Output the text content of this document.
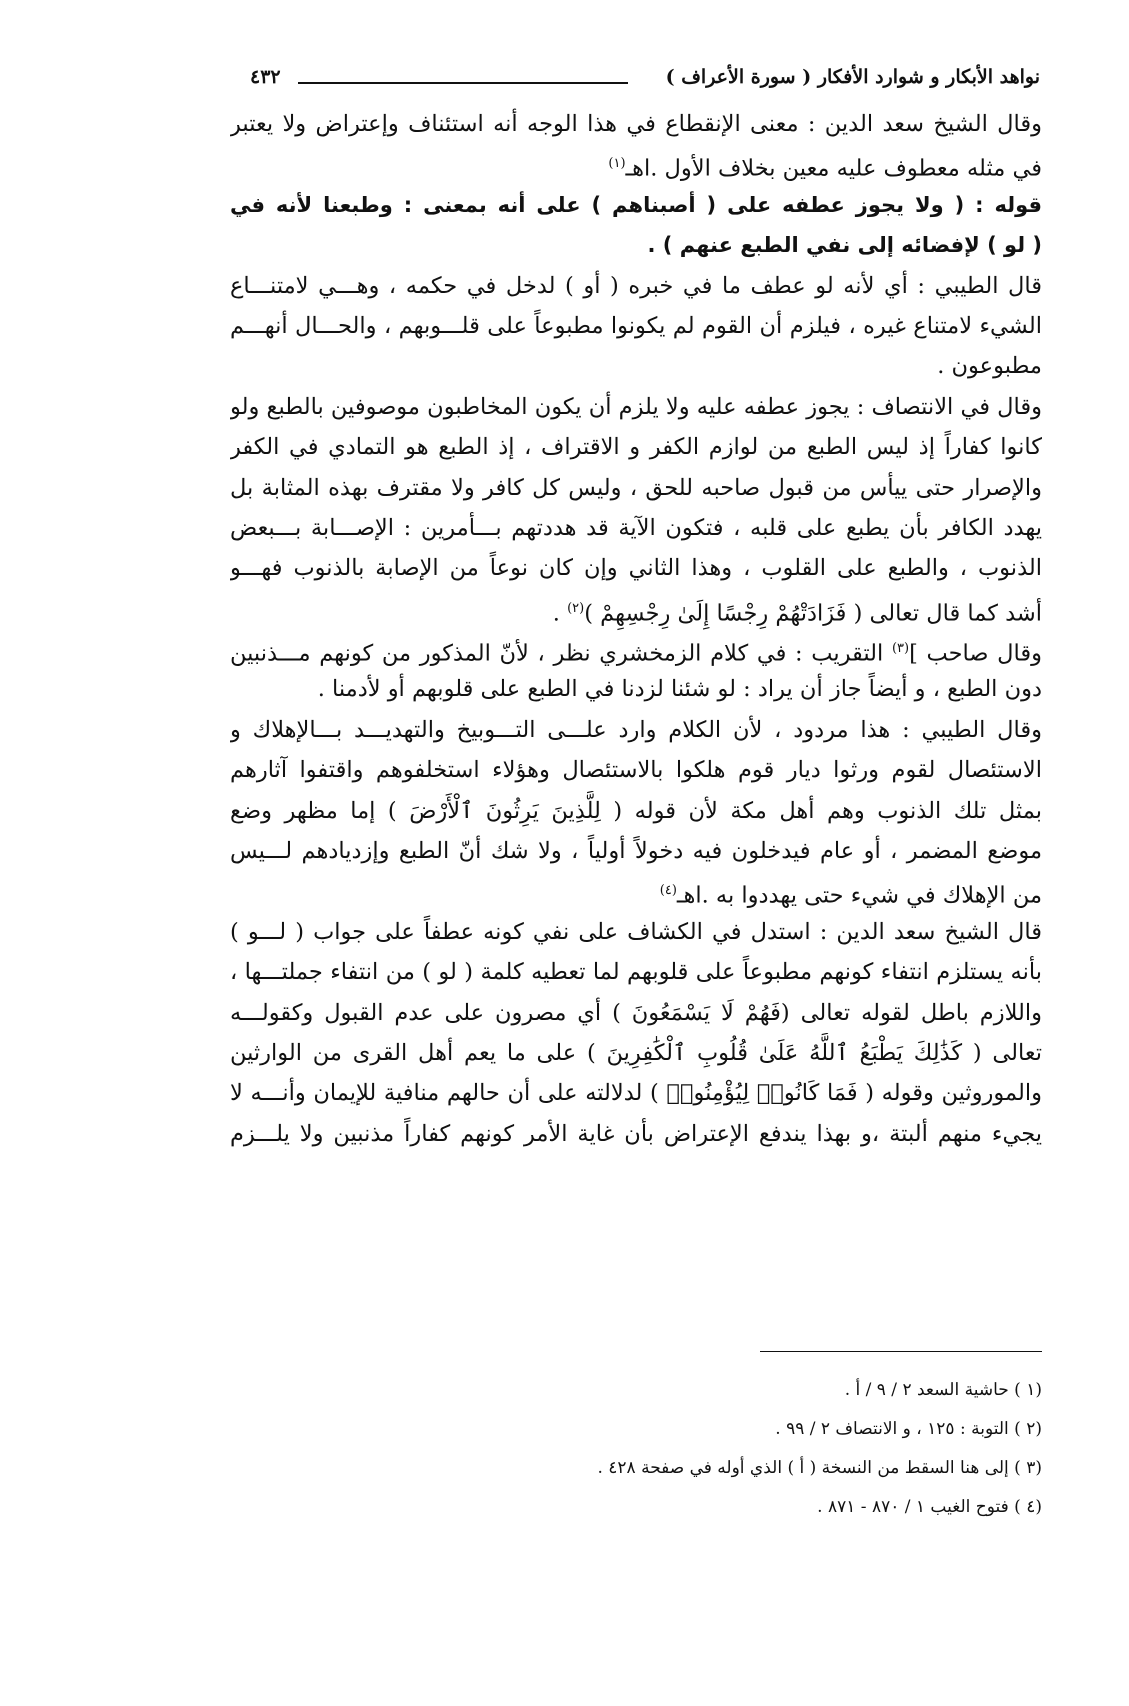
نواهد الأبكار و شوارد الأفكار ( سورة الأعراف )
٤٣٢
وقال الشيخ سعد الدين : معنى الإنقطاع في هذا الوجه أنه استئناف وإعتراض ولا يعتبر
في مثله معطوف عليه معين بخلاف الأول .اهـ$^{(١)}$
قوله : ( ولا يجوز عطفه على ( أصبناهم ) على أنه بمعنى : وطبعنا لأنه في
( لو ) لإفضائه إلى نفي الطبع عنهم ) .
قال الطيبي : أي لأنه لو عطف ما في خبره ( أو ) لدخل في حكمه ، وهـــي لامتنـــاع
الشيء لامتناع غيره ، فيلزم أن القوم لم يكونوا مطبوعاً على قلـــوبهم ، والحـــال أنهـــم
مطبوعون .
وقال في الانتصاف : يجوز عطفه عليه ولا يلزم أن يكون المخاطبون موصوفين بالطبع ولو
كانوا كفاراً إذ ليس الطبع من لوازم الكفر و الاقتراف ، إذ الطبع هو التمادي في الكفر
والإصرار حتى ييأس من قبول صاحبه للحق ، وليس كل كافر ولا مقترف بهذه المثابة بل
يهدد الكافر بأن يطبع على قلبه ، فتكون الآية قد هددتهم بـــأمرين : الإصـــابة بـــبعض
الذنوب ، والطبع على القلوب ، وهذا الثاني وإن كان نوعاً من الإصابة بالذنوب فهـــو
أشد كما قال تعالى ( فَزَادَتْهُمْ رِجْسًا إِلَىٰ رِجْسِهِمْ )$^{(٢)}$ .
وقال صاحب ]$^{(٣)}$ التقريب : في كلام الزمخشري نظر ، لأنّ المذكور من كونهم مـــذنبين
دون الطبع ، و أيضاً جاز أن يراد : لو شئنا لزدنا في الطبع على قلوبهم أو لأدمنا .
وقال الطيبي : هذا مردود ، لأن الكلام وارد علـــى التـــوبيخ والتهديـــد بـــالإهلاك و
الاستئصال لقوم ورثوا ديار قوم هلكوا بالاستئصال وهؤلاء استخلفوهم واقتفوا آثارهم
بمثل تلك الذنوب وهم أهل مكة لأن قوله ( لِلَّذِينَ يَرِثُونَ ٱلْأَرْضَ ) إما مظهر وضع
موضع المضمر ، أو عام فيدخلون فيه دخولاً أولياً ، ولا شك أنّ الطبع وإزديادهم لـــيس
من الإهلاك في شيء حتى يهددوا به .اهـ$^{(٤)}$
قال الشيخ سعد الدين : استدل في الكشاف على نفي كونه عطفاً على جواب ( لـــو )
بأنه يستلزم انتفاء كونهم مطبوعاً على قلوبهم لما تعطيه كلمة ( لو ) من انتفاء جملتـــها ،
واللازم باطل لقوله تعالى (فَهُمْ لَا يَسْمَعُونَ ) أي مصرون على عدم القبول وكقولـــه
تعالى ( كَذَٰلِكَ يَطْبَعُ ٱللَّهُ عَلَىٰ قُلُوبِ ٱلْكَٰفِرِينَ ) على ما يعم أهل القرى من الوارثين
والموروثين وقوله ( فَمَا كَانُوا۟ لِيُؤْمِنُوا۟ ) لدلالته على أن حالهم منافية للإيمان وأنـــه لا
يجيء منهم ألبتة ،و بهذا يندفع الإعتراض بأن غاية الأمر كونهم كفاراً مذنبين ولا يلـــزم
(١ ) حاشية السعد ٢ / ٩ / أ .
(٢ ) التوبة : ١٢٥ ، و الانتصاف ٢ / ٩٩ .
(٣ ) إلى هنا السقط من النسخة ( أ ) الذي أوله في صفحة ٤٢٨ .
(٤ ) فتوح الغيب ١ / ٨٧٠ - ٨٧١ .
